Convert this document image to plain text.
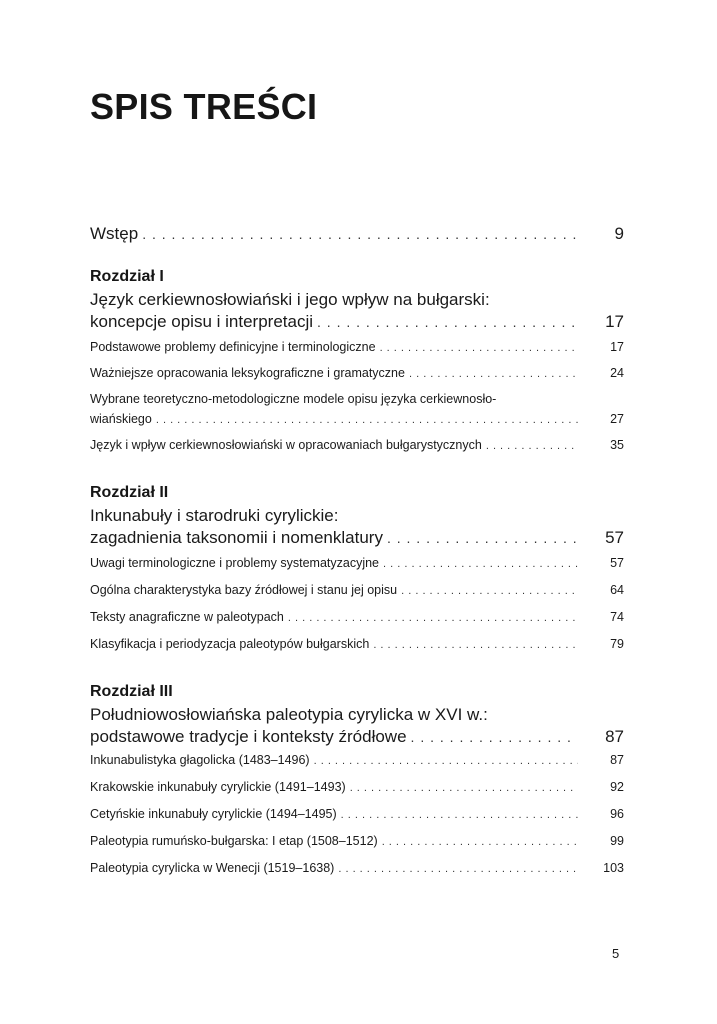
SPIS TREŚCI
Wstęp . . .	9
Rozdział I
Język cerkiewnosłowiański i jego wpływ na bułgarski:
koncepcje opisu i interpretacji . . .	17
Podstawowe problemy definicyjne i terminologiczne . . .	17
Ważniejsze opracowania leksykograficzne i gramatyczne . . .	24
Wybrane teoretyczno-metodologiczne modele opisu języka cerkiewnosło-
wiańskiego . . .	27
Język i wpływ cerkiewnosłowiański w opracowaniach bułgarystycznych . . .	35
Rozdział II
Inkunabuły i starodruki cyrylickie:
zagadnienia taksonomii i nomenklatury . . .	57
Uwagi terminologiczne i problemy systematyzacyjne . . .	57
Ogólna charakterystyka bazy źródłowej i stanu jej opisu . . .	64
Teksty anagraficzne w paleotypach . . .	74
Klasyfikacja i periodyzacja paleotypów bułgarskich . . .	79
Rozdział III
Południowosłowiańska paleotypia cyrylicka w XVI w.:
podstawowe tradycje i konteksty źródłowe . . .	87
Inkunabulistyka głagolicka (1483–1496) . . .	87
Krakowskie inkunabuły cyrylickie (1491–1493) . . .	92
Cetyńskie inkunabuły cyrylickie (1494–1495) . . .	96
Paleotypia rumuńsko-bułgarska: I etap (1508–1512) . . .	99
Paleotypia cyrylicka w Wenecji (1519–1638) . . .	103
5
